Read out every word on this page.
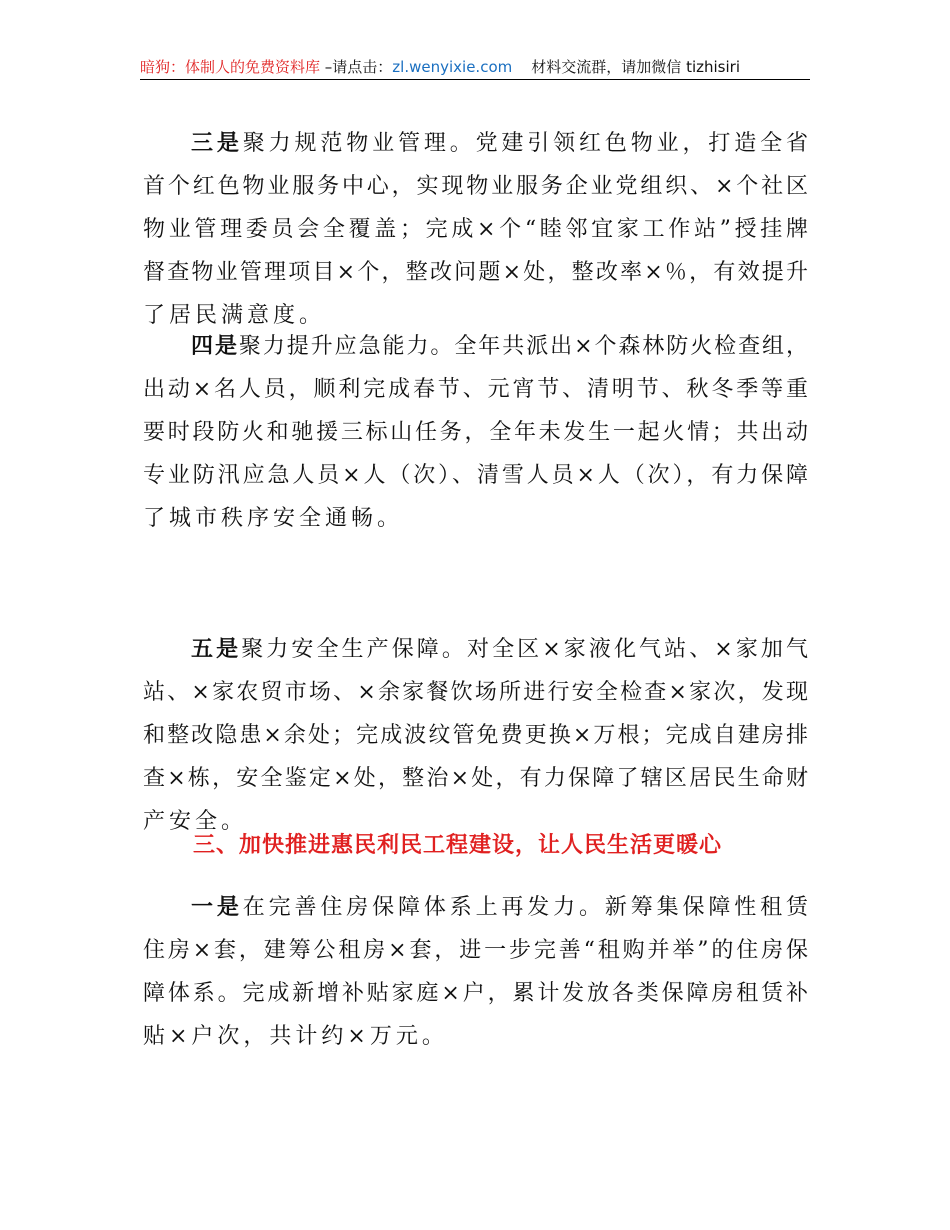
暗狗：体制人的免费资料库 –请点击：zl.wenyixie.com    材料交流群，请加微信 tizhisiri
三是聚力规范物业管理。党建引领红色物业，打造全省
首个红色物业服务中心，实现物业服务企业党组织、×个社区
物业管理委员会全覆盖；完成×个“睦邻宜家工作站”授挂牌
督查物业管理项目×个，整改问题×处，整改率×％，有效提升
了居民满意度。
四是聚力提升应急能力。全年共派出×个森林防火检查组，
出动×名人员，顺利完成春节、元宵节、清明节、秋冬季等重
要时段防火和驰援三标山任务，全年未发生一起火情；共出动
专业防汛应急人员×人（次）、清雪人员×人（次），有力保障
了城市秩序安全通畅。
五是聚力安全生产保障。对全区×家液化气站、×家加气
站、×家农贸市场、×余家餐饮场所进行安全检查×家次，发现
和整改隐患×余处；完成波纹管免费更换×万根；完成自建房排
查×栋，安全鉴定×处，整治×处，有力保障了辖区居民生命财
产安全。
三、加快推进惠民利民工程建设，让人民生活更暖心
一是在完善住房保障体系上再发力。新筹集保障性租赁
住房×套，建筹公租房×套，进一步完善“租购并举”的住房保
障体系。完成新增补贴家庭×户，累计发放各类保障房租赁补
贴×户次，共计约×万元。
